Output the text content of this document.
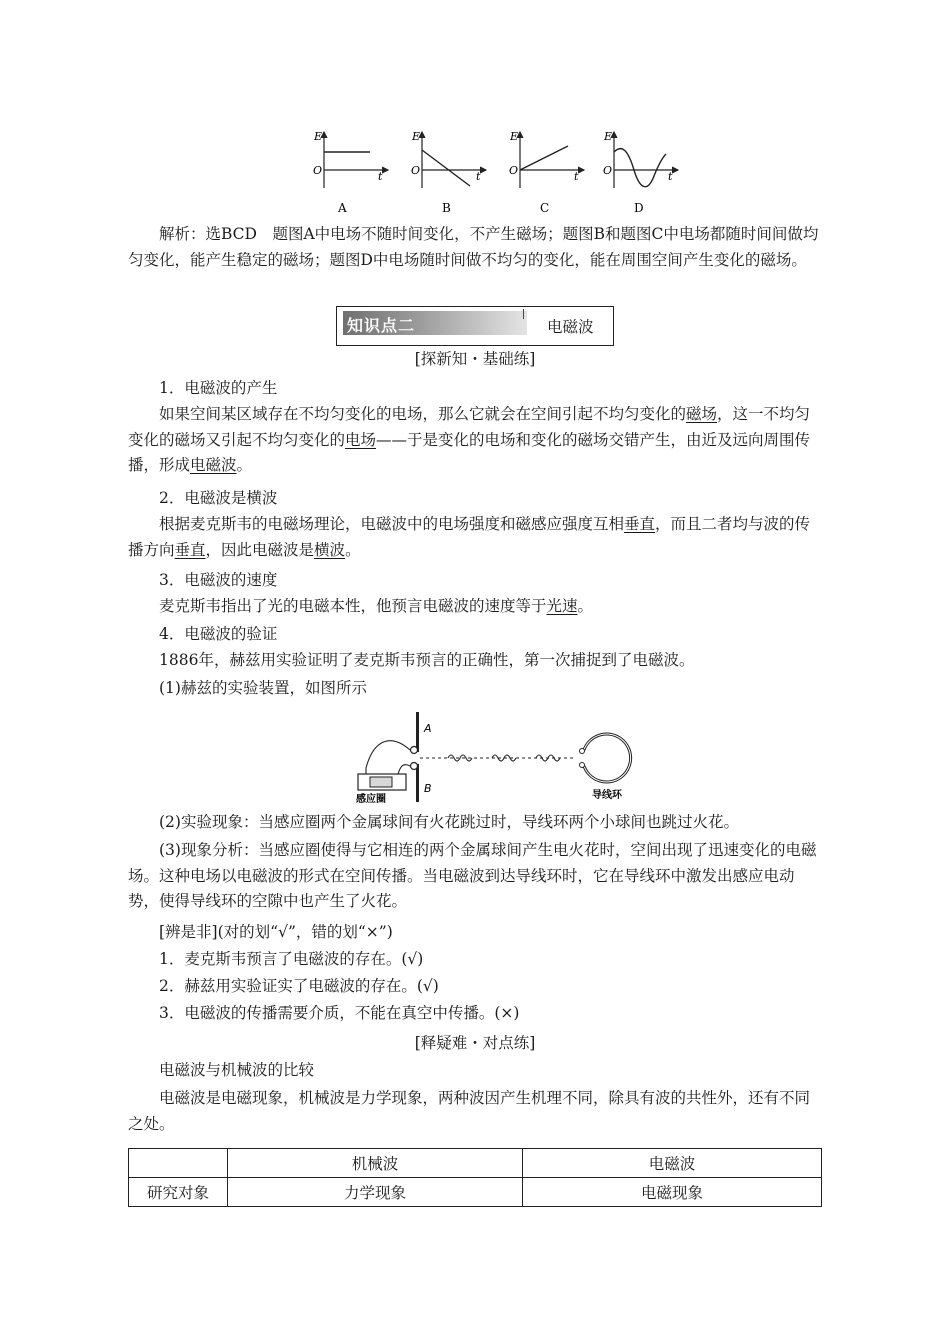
E
O	t
A
E
O	t
B
E
O	t
C
E
O	t
D

解析：选BCD　题图A中电场不随时间变化，不产生磁场；题图B和题图C中电场都随时间间做均匀变化，能产生稳定的磁场；题图D中电场随时间做不均匀的变化，能在周围空间产生变化的磁场。

知识点二	电磁波
[探新知・基础练]

1．电磁波的产生

如果空间某区域存在不均匀变化的电场，那么它就会在空间引起不均匀变化的磁场，这一不均匀变化的磁场又引起不均匀变化的电场——于是变化的电场和变化的磁场交错产生，由近及远向周围传播，形成电磁波。

2．电磁波是横波

根据麦克斯韦的电磁场理论，电磁波中的电场强度和磁感应强度互相垂直，而且二者均与波的传播方向垂直，因此电磁波是横波。

3．电磁波的速度

麦克斯韦指出了光的电磁本性，他预言电磁波的速度等于光速。

4．电磁波的验证

1886年，赫兹用实验证明了麦克斯韦预言的正确性，第一次捕捉到了电磁波。

(1)赫兹的实验装置，如图所示

A
B
感应圈	导线环

(2)实验现象：当感应圈两个金属球间有火花跳过时，导线环两个小球间也跳过火花。

(3)现象分析：当感应圈使得与它相连的两个金属球间产生电火花时，空间出现了迅速变化的电磁场。这种电场以电磁波的形式在空间传播。当电磁波到达导线环时，它在导线环中激发出感应电动势，使得导线环的空隙中也产生了火花。

[辨是非](对的划“√”，错的划“×”)

1．麦克斯韦预言了电磁波的存在。(√)

2．赫兹用实验证实了电磁波的存在。(√)

3．电磁波的传播需要介质，不能在真空中传播。(×)

[释疑难・对点练]

电磁波与机械波的比较

电磁波是电磁现象，机械波是力学现象，两种波因产生机理不同，除具有波的共性外，还有不同之处。

	机械波	电磁波
研究对象	力学现象	电磁现象
